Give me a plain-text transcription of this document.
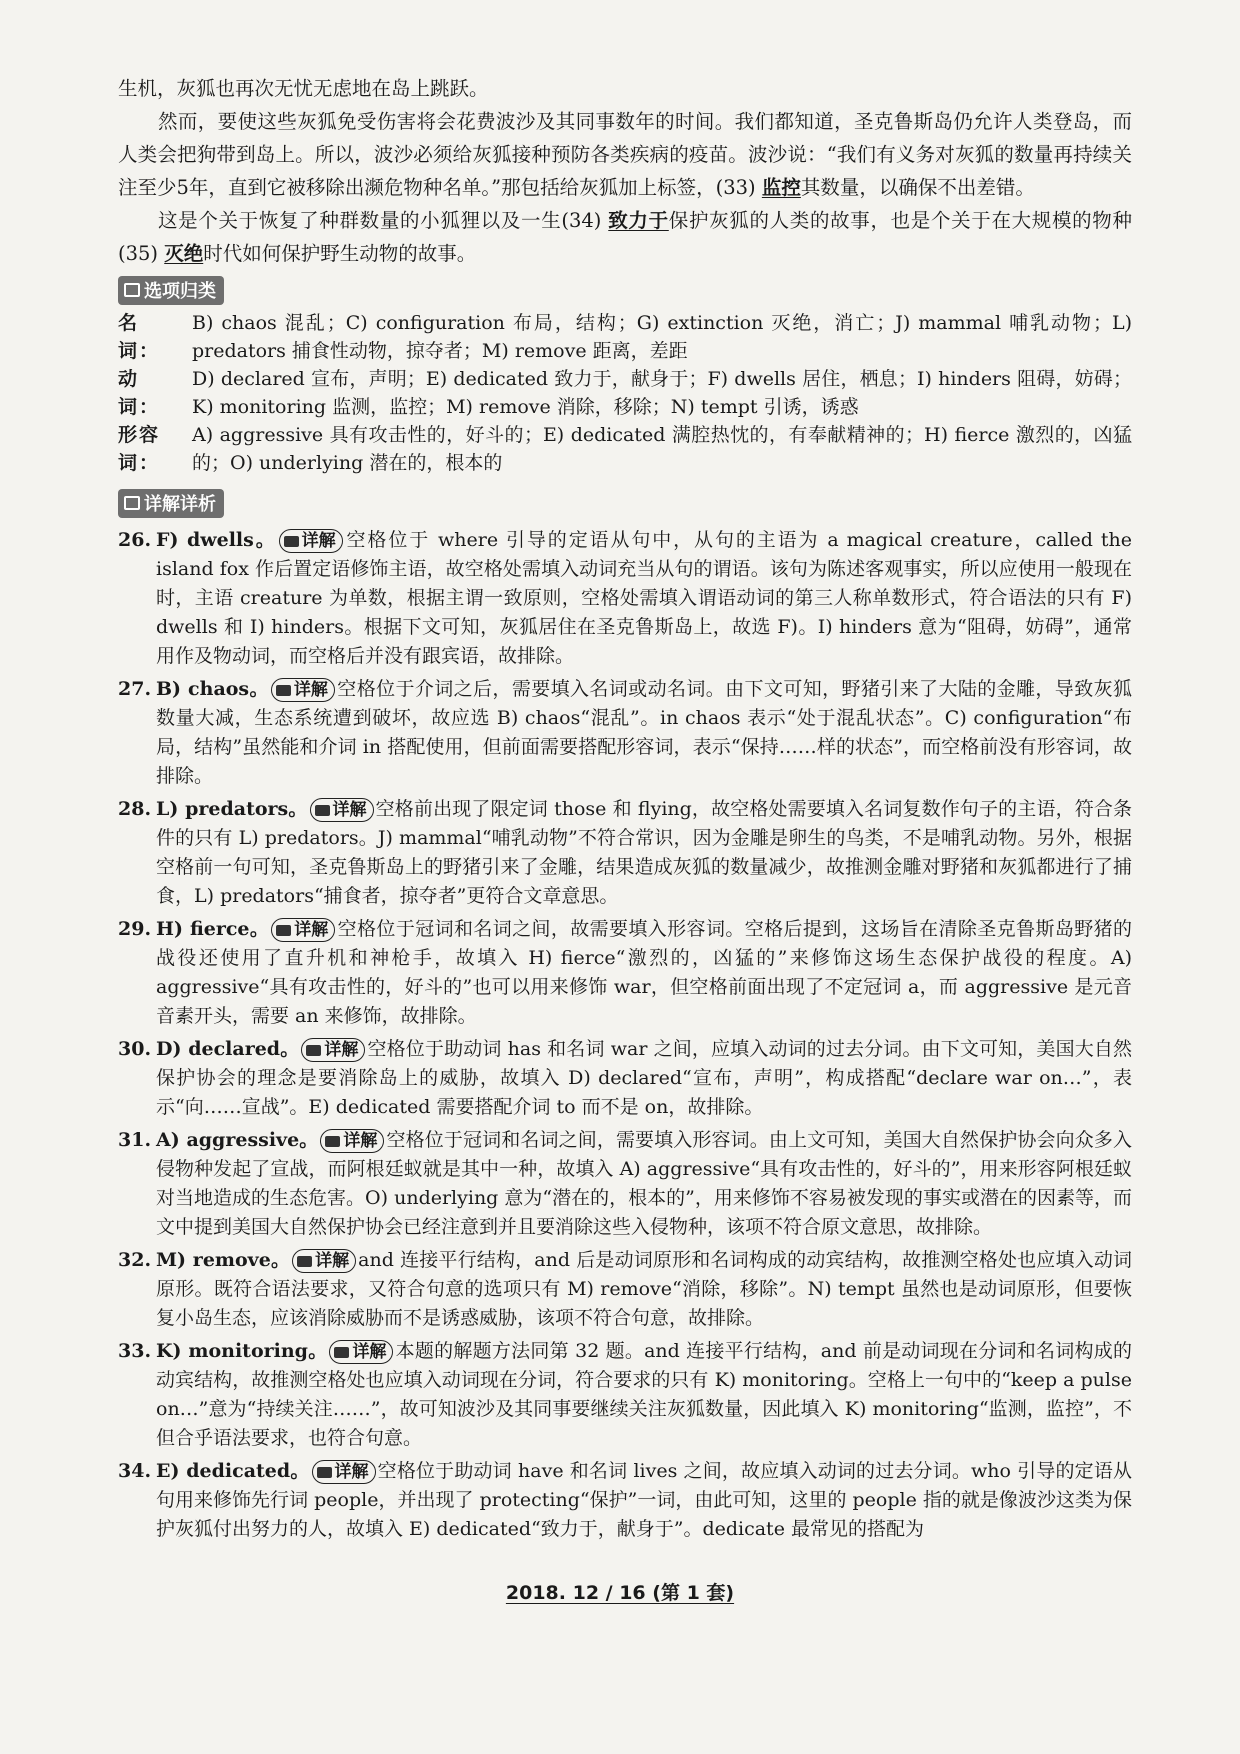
生机，灰狐也再次无忧无虑地在岛上跳跃。

然而，要使这些灰狐免受伤害将会花费波沙及其同事数年的时间。我们都知道，圣克鲁斯岛仍允许人类登岛，而人类会把狗带到岛上。所以，波沙必须给灰狐接种预防各类疾病的疫苗。波沙说：“我们有义务对灰狐的数量再持续关注至少5年，直到它被移除出濒危物种名单。”那包括给灰狐加上标签，(33) 监控其数量，以确保不出差错。

这是个关于恢复了种群数量的小狐狸以及一生(34) 致力于保护灰狐的人类的故事，也是个关于在大规模的物种(35) 灭绝时代如何保护野生动物的故事。

选项归类
名　词：
B) chaos 混乱；C) configuration 布局，结构；G) extinction 灭绝，消亡；J) mammal 哺乳动物；L) predators 捕食性动物，掠夺者；M) remove 距离，差距
动　词：
D) declared 宣布，声明；E) dedicated 致力于，献身于；F) dwells 居住，栖息；I) hinders 阻碍，妨碍；K) monitoring 监测，监控；M) remove 消除，移除；N) tempt 引诱，诱惑
形容词：
A) aggressive 具有攻击性的，好斗的；E) dedicated 满腔热忱的，有奉献精神的；H) fierce 激烈的，凶猛的；O) underlying 潜在的，根本的
详解详析
26. F) dwells。 详解 空格位于 where 引导的定语从句中，从句的主语为 a magical creature，called the island fox 作后置定语修饰主语，故空格处需填入动词充当从句的谓语。该句为陈述客观事实，所以应使用一般现在时，主语 creature 为单数，根据主谓一致原则，空格处需填入谓语动词的第三人称单数形式，符合语法的只有 F) dwells 和 I) hinders。根据下文可知，灰狐居住在圣克鲁斯岛上，故选 F)。I) hinders 意为“阻碍，妨碍”，通常用作及物动词，而空格后并没有跟宾语，故排除。
27. B) chaos。 详解 空格位于介词之后，需要填入名词或动名词。由下文可知，野猪引来了大陆的金雕，导致灰狐数量大减，生态系统遭到破坏，故应选 B) chaos“混乱”。in chaos 表示“处于混乱状态”。C) configuration“布局，结构”虽然能和介词 in 搭配使用，但前面需要搭配形容词，表示“保持……样的状态”，而空格前没有形容词，故排除。
28. L) predators。 详解 空格前出现了限定词 those 和 flying，故空格处需要填入名词复数作句子的主语，符合条件的只有 L) predators。J) mammal“哺乳动物”不符合常识，因为金雕是卵生的鸟类，不是哺乳动物。另外，根据空格前一句可知，圣克鲁斯岛上的野猪引来了金雕，结果造成灰狐的数量减少，故推测金雕对野猪和灰狐都进行了捕食，L) predators“捕食者，掠夺者”更符合文章意思。
29. H) fierce。 详解 空格位于冠词和名词之间，故需要填入形容词。空格后提到，这场旨在清除圣克鲁斯岛野猪的战役还使用了直升机和神枪手，故填入 H) fierce“激烈的，凶猛的”来修饰这场生态保护战役的程度。A) aggressive“具有攻击性的，好斗的”也可以用来修饰 war，但空格前面出现了不定冠词 a，而 aggressive 是元音音素开头，需要 an 来修饰，故排除。
30. D) declared。 详解 空格位于助动词 has 和名词 war 之间，应填入动词的过去分词。由下文可知，美国大自然保护协会的理念是要消除岛上的威胁，故填入 D) declared“宣布，声明”，构成搭配“declare war on…”，表示“向……宣战”。E) dedicated 需要搭配介词 to 而不是 on，故排除。
31. A) aggressive。 详解 空格位于冠词和名词之间，需要填入形容词。由上文可知，美国大自然保护协会向众多入侵物种发起了宣战，而阿根廷蚁就是其中一种，故填入 A) aggressive“具有攻击性的，好斗的”，用来形容阿根廷蚁对当地造成的生态危害。O) underlying 意为“潜在的，根本的”，用来修饰不容易被发现的事实或潜在的因素等，而文中提到美国大自然保护协会已经注意到并且要消除这些入侵物种，该项不符合原文意思，故排除。
32. M) remove。 详解 and 连接平行结构，and 后是动词原形和名词构成的动宾结构，故推测空格处也应填入动词原形。既符合语法要求，又符合句意的选项只有 M) remove“消除，移除”。N) tempt 虽然也是动词原形，但要恢复小岛生态，应该消除威胁而不是诱惑威胁，该项不符合句意，故排除。
33. K) monitoring。 详解 本题的解题方法同第 32 题。and 连接平行结构，and 前是动词现在分词和名词构成的动宾结构，故推测空格处也应填入动词现在分词，符合要求的只有 K) monitoring。空格上一句中的“keep a pulse on…”意为“持续关注……”，故可知波沙及其同事要继续关注灰狐数量，因此填入 K) monitoring“监测，监控”，不但合乎语法要求，也符合句意。
34. E) dedicated。 详解 空格位于助动词 have 和名词 lives 之间，故应填入动词的过去分词。who 引导的定语从句用来修饰先行词 people，并出现了 protecting“保护”一词，由此可知，这里的 people 指的就是像波沙这类为保护灰狐付出努力的人，故填入 E) dedicated“致力于，献身于”。dedicate 最常见的搭配为
2018. 12 / 16 (第 1 套)
